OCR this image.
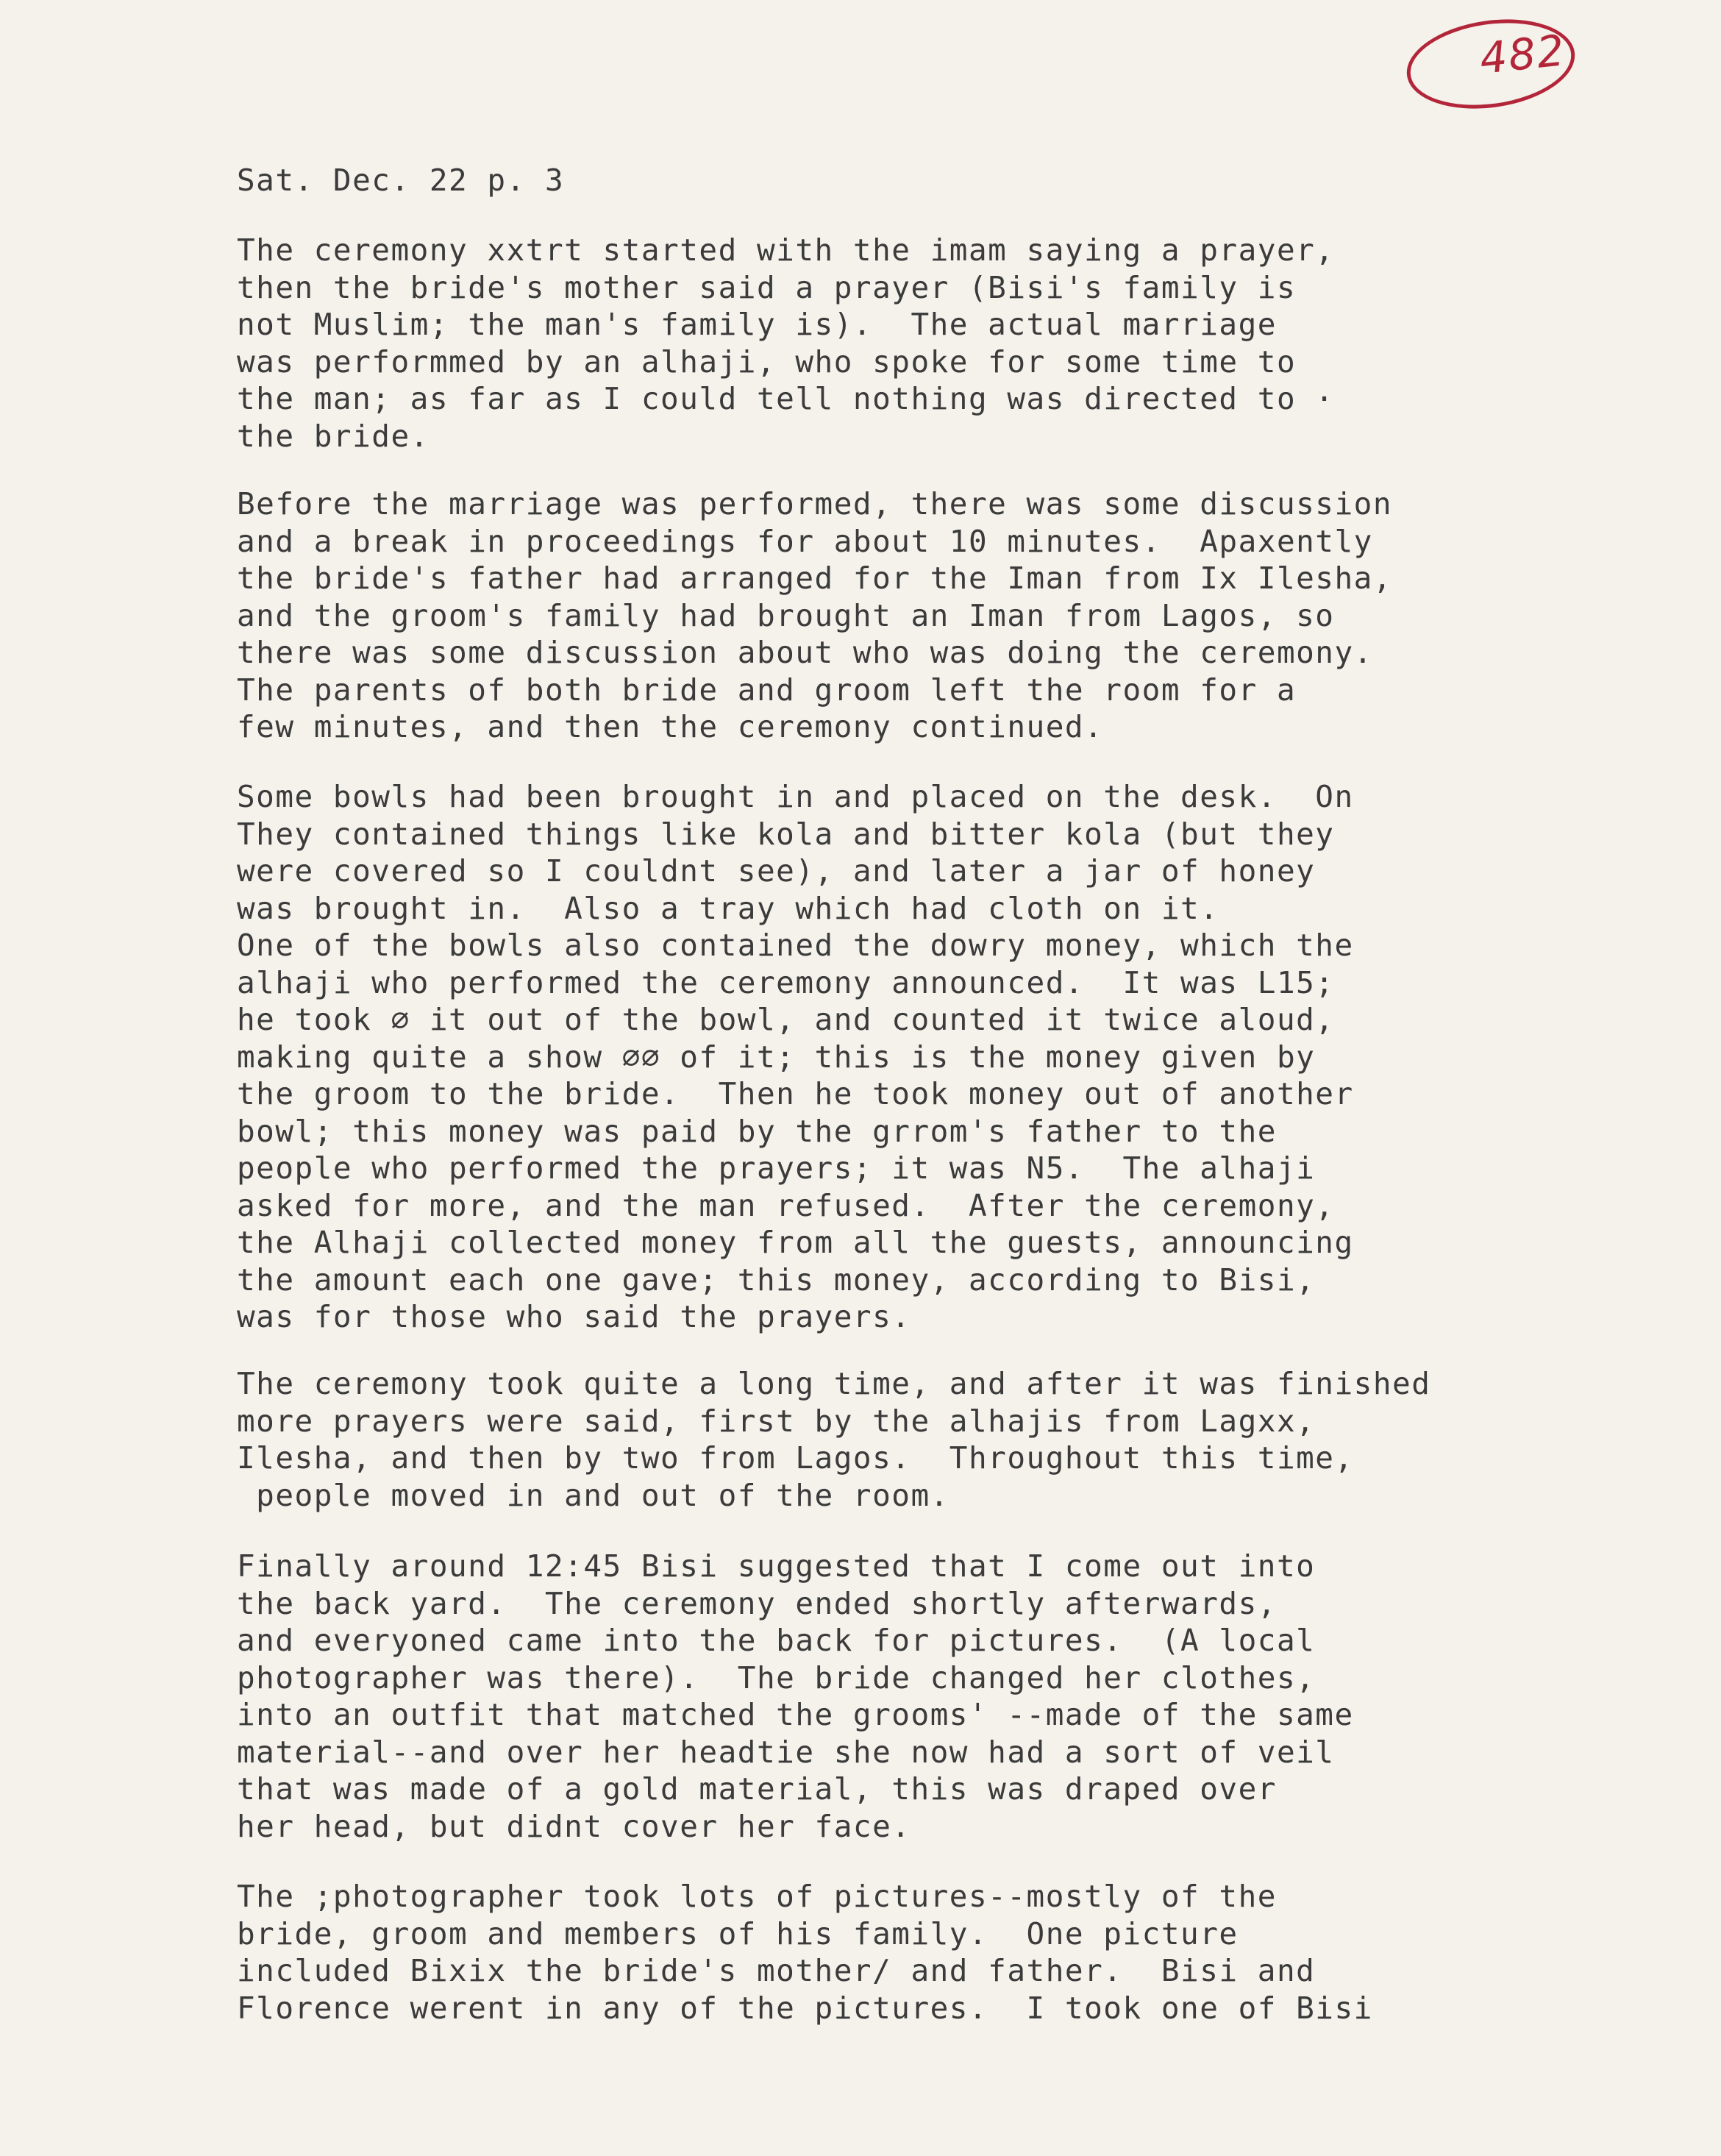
482

Sat. Dec. 22 p. 3

The ceremony xxtrt started with the imam saying a prayer,
then the bride's mother said a prayer (Bisi's family is
not Muslim; the man's family is).  The actual marriage
was performmed by an alhaji, who spoke for some time to
the man; as far as I could tell nothing was directed to ·
the bride.

Before the marriage was performed, there was some discussion
and a break in proceedings for about 10 minutes.  Apaxently
the bride's father had arranged for the Iman from Ix Ilesha,
and the groom's family had brought an Iman from Lagos, so
there was some discussion about who was doing the ceremony.
The parents of both bride and groom left the room for a
few minutes, and then the ceremony continued.

Some bowls had been brought in and placed on the desk.  On
They contained things like kola and bitter kola (but they
were covered so I couldnt see), and later a jar of honey
was brought in.  Also a tray which had cloth on it.
One of the bowls also contained the dowry money, which the
alhaji who performed the ceremony announced.  It was L15;
he took ⌀ it out of the bowl, and counted it twice aloud,
making quite a show ⌀⌀ of it; this is the money given by
the groom to the bride.  Then he took money out of another
bowl; this money was paid by the grrom's father to the
people who performed the prayers; it was N5.  The alhaji
asked for more, and the man refused.  After the ceremony,
the Alhaji collected money from all the guests, announcing
the amount each one gave; this money, according to Bisi,
was for those who said the prayers.

The ceremony took quite a long time, and after it was finished
more prayers were said, first by the alhajis from Lagxx,
Ilesha, and then by two from Lagos.  Throughout this time,
people moved in and out of the room.

Finally around 12:45 Bisi suggested that I come out into
the back yard.  The ceremony ended shortly afterwards,
and everyoned came into the back for pictures.  (A local
photographer was there).  The bride changed her clothes,
into an outfit that matched the grooms' --made of the same
material--and over her headtie she now had a sort of veil
that was made of a gold material, this was draped over
her head, but didnt cover her face.

The ;photographer took lots of pictures--mostly of the
bride, groom and members of his family.  One picture
included Bixix the bride's mother/ and father.  Bisi and
Florence werent in any of the pictures.  I took one of Bisi
